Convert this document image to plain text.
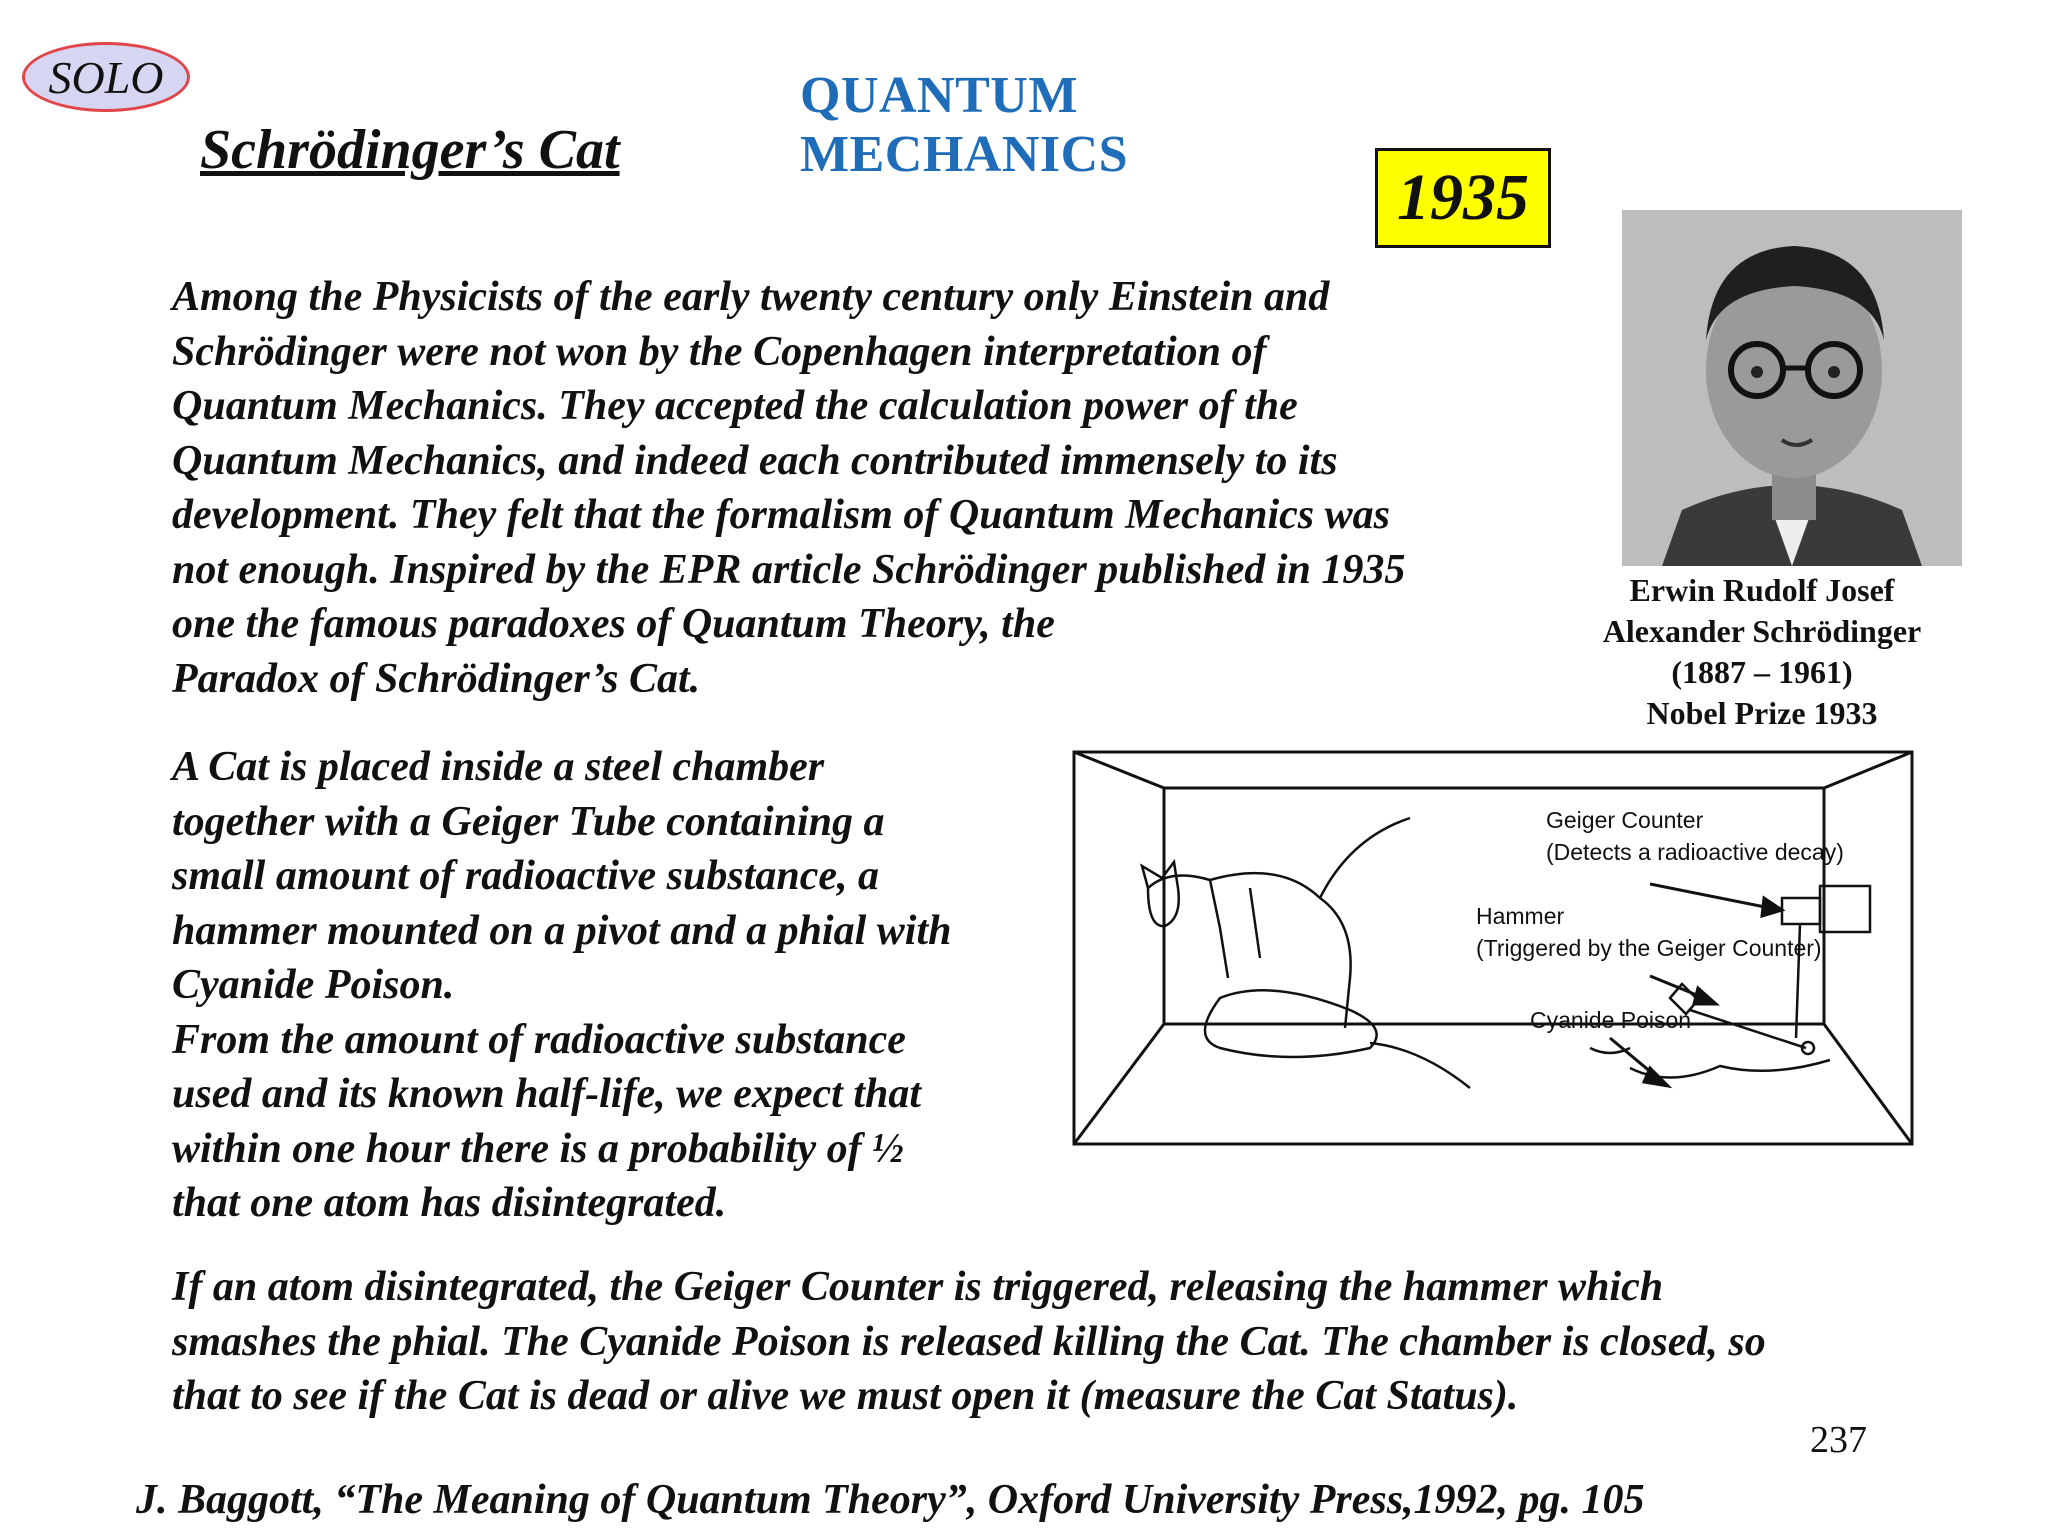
SOLO	QUANTUM MECHANICS
Schrödinger’s Cat
1935
Among the Physicists of the early twenty century only Einstein and
Schrödinger were not won by the Copenhagen interpretation of
Quantum Mechanics. They accepted the calculation power of the
Quantum Mechanics, and indeed each contributed immensely to its
development. They felt that the formalism of Quantum Mechanics was
not enough. Inspired by the EPR article Schrödinger published in 1935
one the famous paradoxes of Quantum Theory, the
Paradox of Schrödinger’s Cat.
Erwin Rudolf Josef
Alexander Schrödinger
(1887 – 1961)
Nobel Prize 1933
A Cat is placed inside a steel chamber
together with a Geiger Tube containing a
small amount of radioactive substance, a
hammer mounted on a pivot and a phial with
Cyanide Poison.
From the amount of radioactive substance
used and its known half-life, we expect that
within one hour there is a probability of ½
that one atom has disintegrated.
Geiger Counter
(Detects a radioactive decay)
Hammer
(Triggered by the Geiger Counter)
Cyanide Poison
If an atom disintegrated, the Geiger Counter is triggered, releasing the hammer which
smashes the phial. The Cyanide Poison is released killing the Cat. The chamber is closed, so
that to see if the Cat is dead or alive we must open it (measure the Cat Status).
237
J. Baggott, “The Meaning of Quantum Theory”, Oxford University Press,1992, pg. 105
